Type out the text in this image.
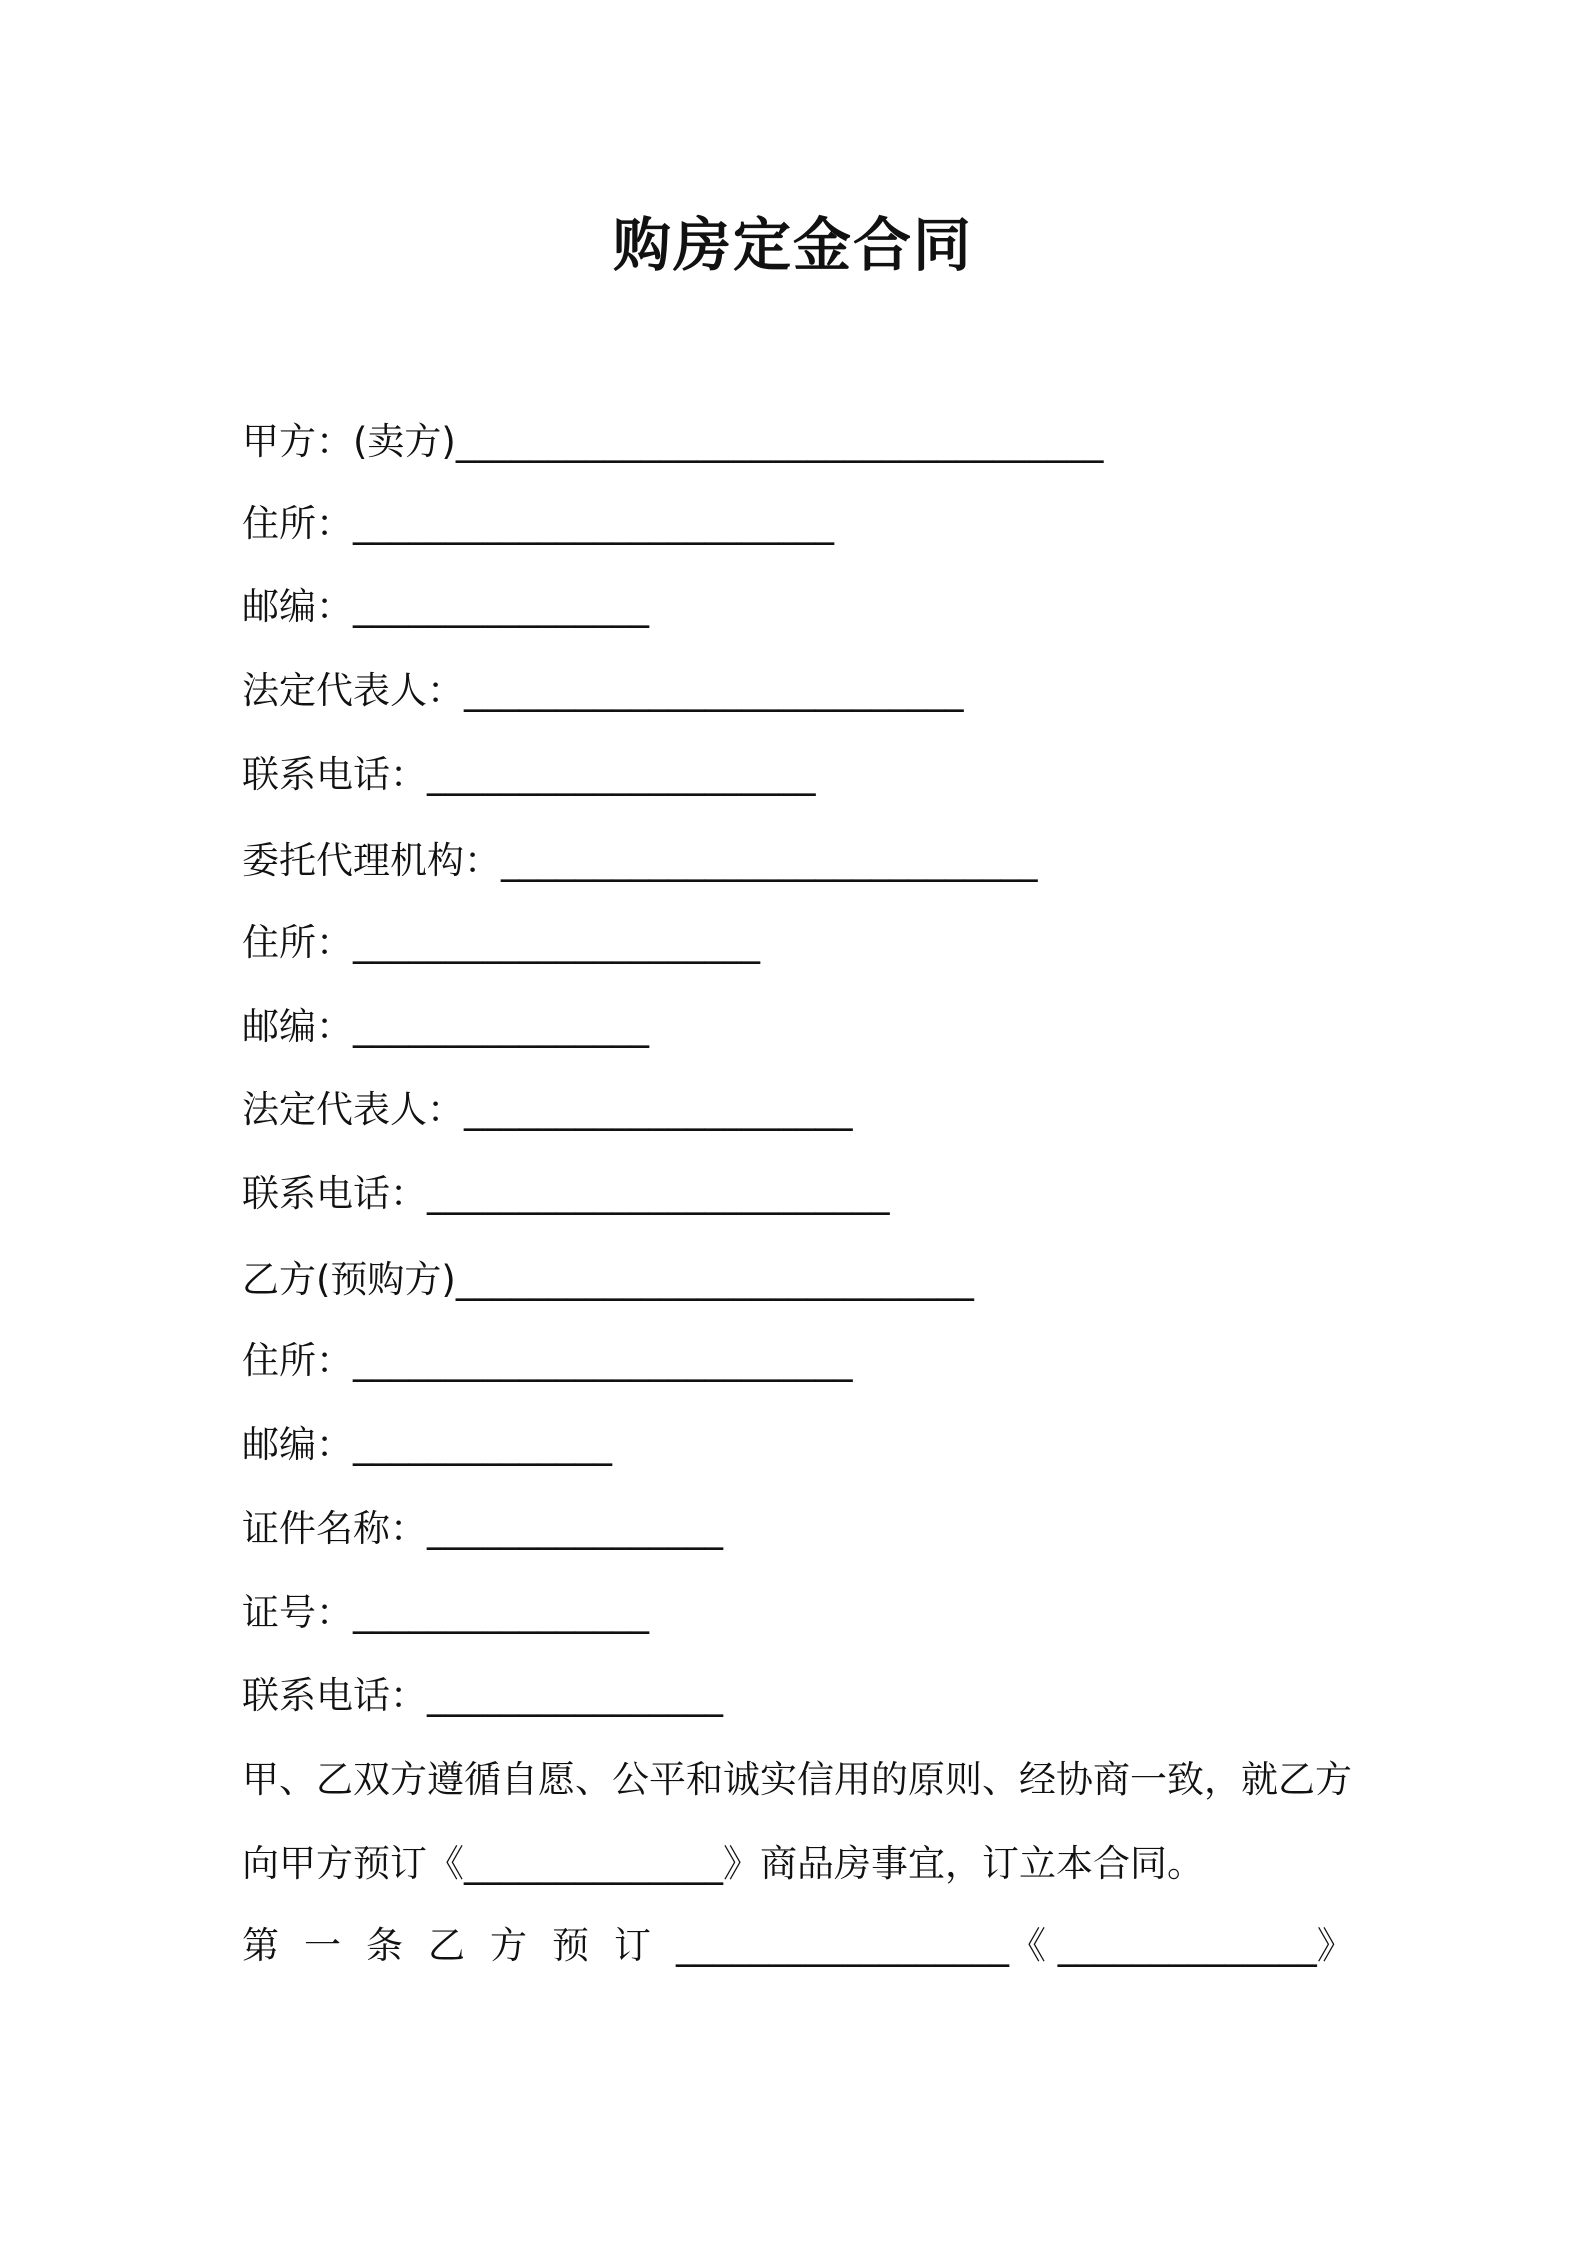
购房定金合同
甲方：(卖方)___________________________________
住所：__________________________
邮编：________________
法定代表人：___________________________
联系电话：_____________________
委托代理机构：_____________________________
住所：______________________
邮编：________________
法定代表人：_____________________
联系电话：_________________________
乙方(预购方)____________________________
住所：___________________________
邮编：______________
证件名称：________________
证号：________________
联系电话：________________
甲、乙双方遵循自愿、公平和诚实信用的原则、经协商一致，就乙方
向甲方预订《______________》商品房事宜，订立本合同。
第一条乙方预订__________________《 ______________》
